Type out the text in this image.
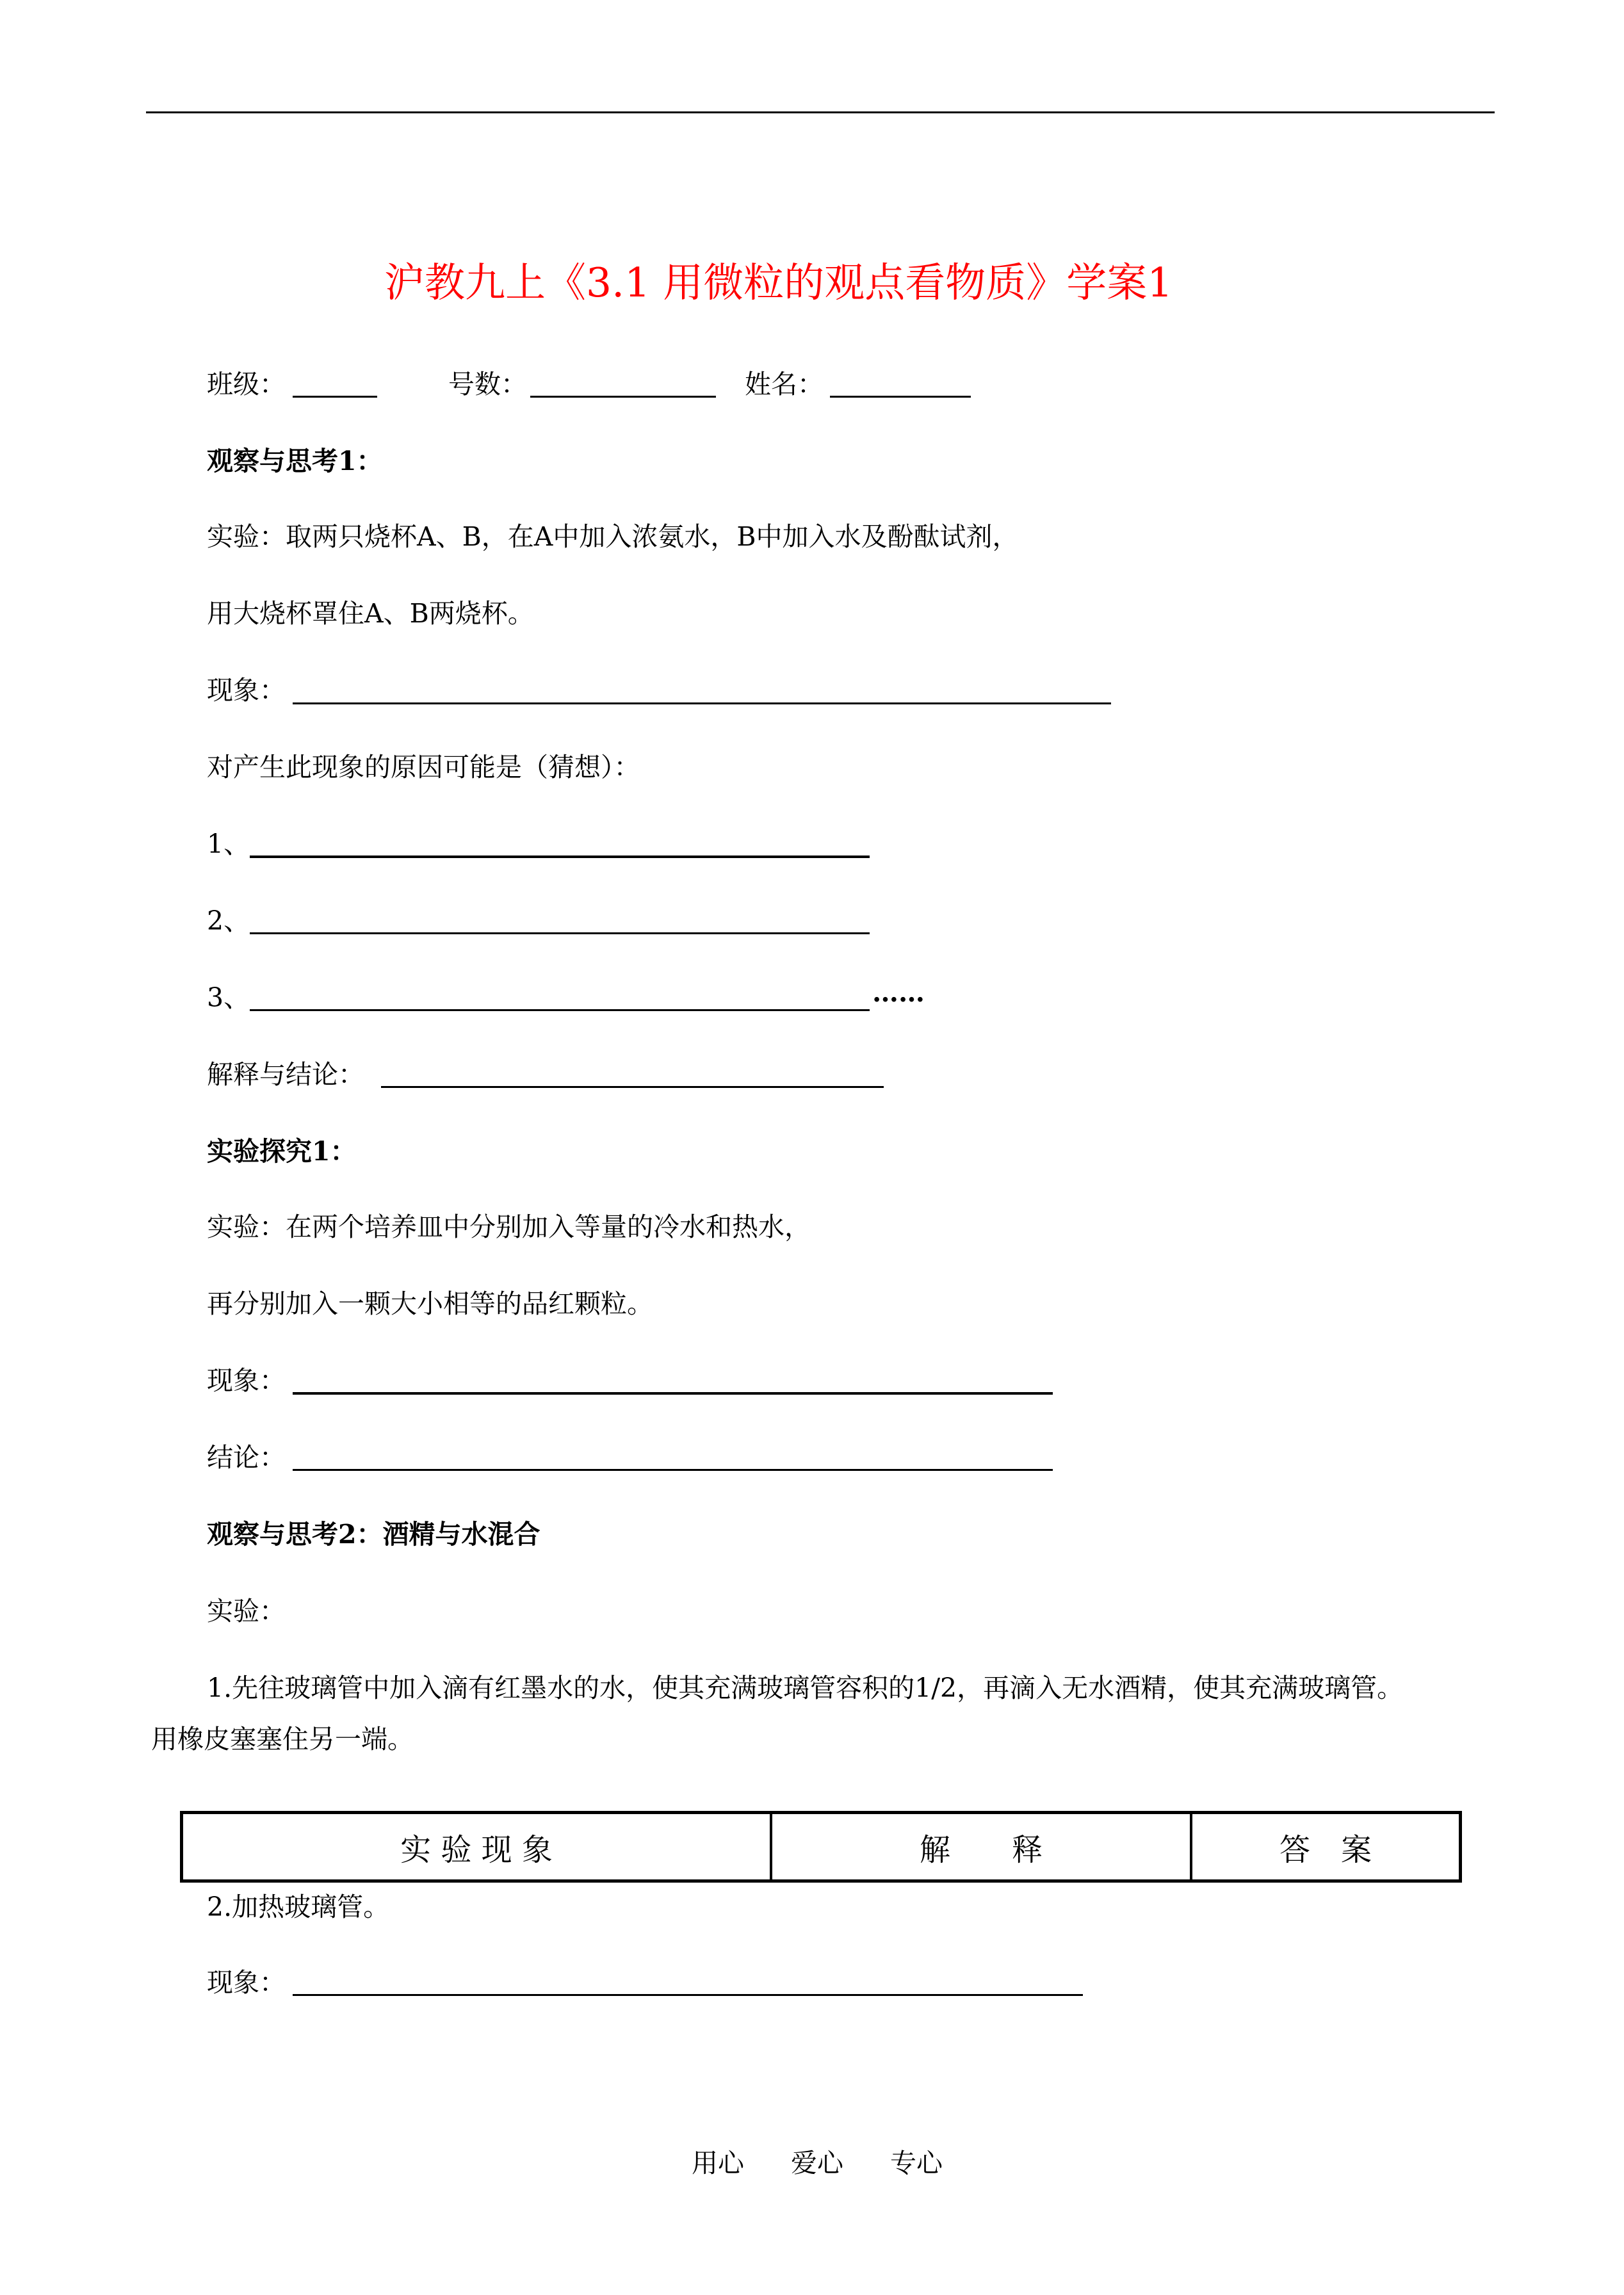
沪教九上《3.1 用微粒的观点看物质》学案1
班级：	号数：	姓名：
观察与思考1：
实验：取两只烧杯A、B，在A中加入浓氨水，B中加入水及酚酞试剂，
用大烧杯罩住A、B两烧杯。
现象：
对产生此现象的原因可能是（猜想）：
1、
2、
3、	……
解释与结论：
实验探究1：
实验：在两个培养皿中分别加入等量的冷水和热水，
再分别加入一颗大小相等的品红颗粒。
现象：
结论：
观察与思考2：酒精与水混合
实验：
1.先往玻璃管中加入滴有红墨水的水，使其充满玻璃管容积的1/2，再滴入无水酒精，使其充满玻璃管。
用橡皮塞塞住另一端。
实 验 现 象	解　　释	答　案
2.加热玻璃管。
现象：
用心 爱心 专心
